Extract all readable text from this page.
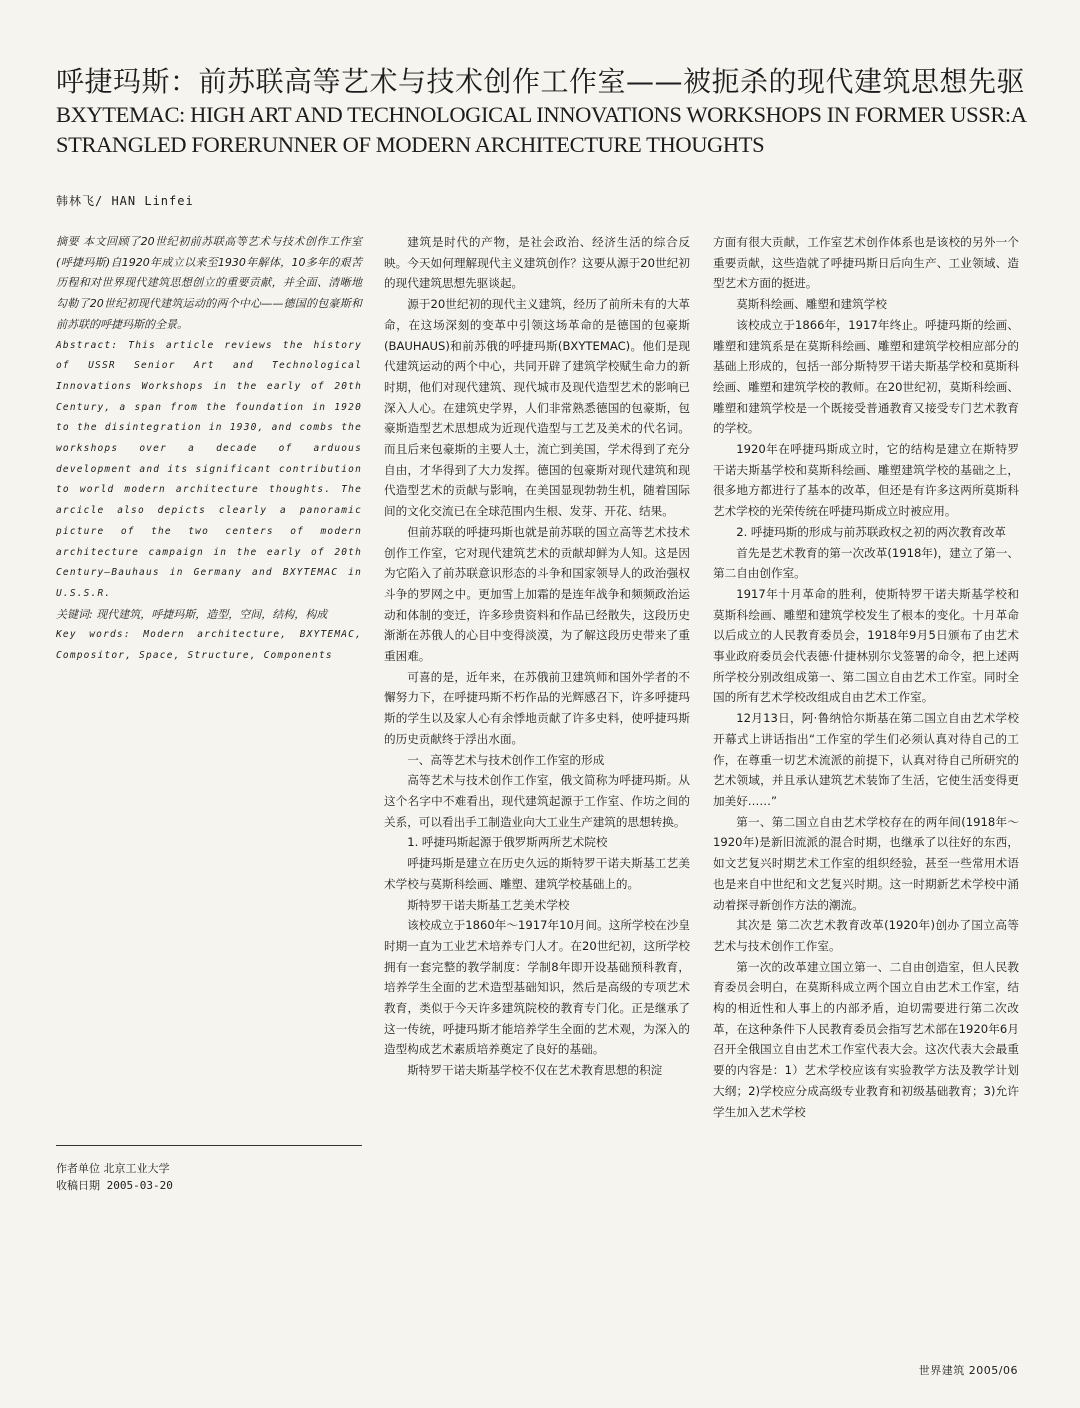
呼捷玛斯：前苏联高等艺术与技术创作工作室——被扼杀的现代建筑思想先驱
BXYTEMAC: HIGH ART AND TECHNOLOGICAL INNOVATIONS WORKSHOPS IN FORMER USSR:A
STRANGLED FORERUNNER OF MODERN ARCHITECTURE THOUGHTS
韩林飞/ HAN Linfei

摘要 本文回顾了20世纪初前苏联高等艺术与技术创作工作室(呼捷玛斯)自1920年成立以来至1930年解体，10多年的艰苦历程和对世界现代建筑思想创立的重要贡献，并全面、清晰地勾勒了20世纪初现代建筑运动的两个中心——德国的包豪斯和前苏联的呼捷玛斯的全景。

Abstract: This article reviews the history of USSR Senior Art and Technological Innovations Workshops in the early of 20th Century, a span from the foundation in 1920 to the disintegration in 1930, and combs the workshops over a decade of arduous development and its significant contribution to world modern architecture thoughts. The arcicle also depicts clearly a panoramic picture of the two centers of modern architecture campaign in the early of 20th Century—Bauhaus in Germany and BXYTEMAC in U.S.S.R.

关键词: 现代建筑，呼捷玛斯，造型，空间，结构，构成

Key words: Modern architecture, BXYTEMAC, Compositor, Space, Structure, Components

建筑是时代的产物，是社会政治、经济生活的综合反映。今天如何理解现代主义建筑创作？这要从源于20世纪初的现代建筑思想先驱谈起。

源于20世纪初的现代主义建筑，经历了前所未有的大革命，在这场深刻的变革中引领这场革命的是德国的包豪斯(BAUHAUS)和前苏俄的呼捷玛斯(BXYTEMAC)。他们是现代建筑运动的两个中心，共同开辟了建筑学校赋生命力的新时期，他们对现代建筑、现代城市及现代造型艺术的影响已深入人心。在建筑史学界，人们非常熟悉德国的包豪斯，包豪斯造型艺术思想成为近现代造型与工艺及美术的代名词。而且后来包豪斯的主要人士，流亡到美国，学术得到了充分自由，才华得到了大力发挥。德国的包豪斯对现代建筑和现代造型艺术的贡献与影响，在美国显现勃勃生机，随着国际间的文化交流已在全球范围内生根、发芽、开花、结果。

但前苏联的呼捷玛斯也就是前苏联的国立高等艺术技术创作工作室，它对现代建筑艺术的贡献却鲜为人知。这是因为它陷入了前苏联意识形态的斗争和国家领导人的政治强权斗争的罗网之中。更加雪上加霜的是连年战争和频频政治运动和体制的变迁，许多珍贵资料和作品已经散失，这段历史渐渐在苏俄人的心目中变得淡漠，为了解这段历史带来了重重困难。

可喜的是，近年来，在苏俄前卫建筑师和国外学者的不懈努力下，在呼捷玛斯不朽作品的光辉感召下，许多呼捷玛斯的学生以及家人心有余悸地贡献了许多史料，使呼捷玛斯的历史贡献终于浮出水面。

一、高等艺术与技术创作工作室的形成

高等艺术与技术创作工作室，俄文简称为呼捷玛斯。从这个名字中不难看出，现代建筑起源于工作室、作坊之间的关系，可以看出手工制造业向大工业生产建筑的思想转换。

1. 呼捷玛斯起源于俄罗斯两所艺术院校

呼捷玛斯是建立在历史久远的斯特罗干诺夫斯基工艺美术学校与莫斯科绘画、雕塑、建筑学校基础上的。

斯特罗干诺夫斯基工艺美术学校

该校成立于1860年～1917年10月间。这所学校在沙皇时期一直为工业艺术培养专门人才。在20世纪初，这所学校拥有一套完整的教学制度：学制8年即开设基础预科教育，培养学生全面的艺术造型基础知识，然后是高级的专项艺术教育，类似于今天许多建筑院校的教育专门化。正是继承了这一传统，呼捷玛斯才能培养学生全面的艺术观，为深入的造型构成艺术素质培养奠定了良好的基础。

斯特罗干诺夫斯基学校不仅在艺术教育思想的积淀

方面有很大贡献，工作室艺术创作体系也是该校的另外一个重要贡献，这些造就了呼捷玛斯日后向生产、工业领域、造型艺术方面的挺进。

莫斯科绘画、雕塑和建筑学校

该校成立于1866年，1917年终止。呼捷玛斯的绘画、雕塑和建筑系是在莫斯科绘画、雕塑和建筑学校相应部分的基础上形成的，包括一部分斯特罗干诺夫斯基学校和莫斯科绘画、雕塑和建筑学校的教师。在20世纪初，莫斯科绘画、雕塑和建筑学校是一个既接受普通教育又接受专门艺术教育的学校。

1920年在呼捷玛斯成立时，它的结构是建立在斯特罗干诺夫斯基学校和莫斯科绘画、雕塑建筑学校的基础之上，很多地方都进行了基本的改革，但还是有许多这两所莫斯科艺术学校的光荣传统在呼捷玛斯成立时被应用。

2. 呼捷玛斯的形成与前苏联政权之初的两次教育改革

首先是艺术教育的第一次改革(1918年)，建立了第一、第二自由创作室。

1917年十月革命的胜利，使斯特罗干诺夫斯基学校和莫斯科绘画、雕塑和建筑学校发生了根本的变化。十月革命以后成立的人民教育委员会，1918年9月5日颁布了由艺术事业政府委员会代表德·什捷林别尔戈签署的命令，把上述两所学校分别改组成第一、第二国立自由艺术工作室。同时全国的所有艺术学校改组成自由艺术工作室。

12月13日，阿·鲁纳恰尔斯基在第二国立自由艺术学校开幕式上讲话指出“工作室的学生们必须认真对待自己的工作，在尊重一切艺术流派的前提下，认真对待自己所研究的艺术领域，并且承认建筑艺术装饰了生活，它使生活变得更加美好……”

第一、第二国立自由艺术学校存在的两年间(1918年～1920年)是新旧流派的混合时期，也继承了以往好的东西，如文艺复兴时期艺术工作室的组织经验，甚至一些常用术语也是来自中世纪和文艺复兴时期。这一时期新艺术学校中涌动着探寻新创作方法的潮流。

其次是 第二次艺术教育改革(1920年)创办了国立高等艺术与技术创作工作室。

第一次的改革建立国立第一、二自由创造室，但人民教育委员会明白，在莫斯科成立两个国立自由艺术工作室，结构的相近性和人事上的内部矛盾，迫切需要进行第二次改革，在这种条件下人民教育委员会指写艺术部在1920年6月召开全俄国立自由艺术工作室代表大会。这次代表大会最重要的内容是：1）艺术学校应该有实验教学方法及教学计划大纲；2)学校应分成高级专业教育和初级基础教育；3)允许学生加入艺术学校

作者单位 北京工业大学
收稿日期 2005-03-20
世界建筑 2005/06
